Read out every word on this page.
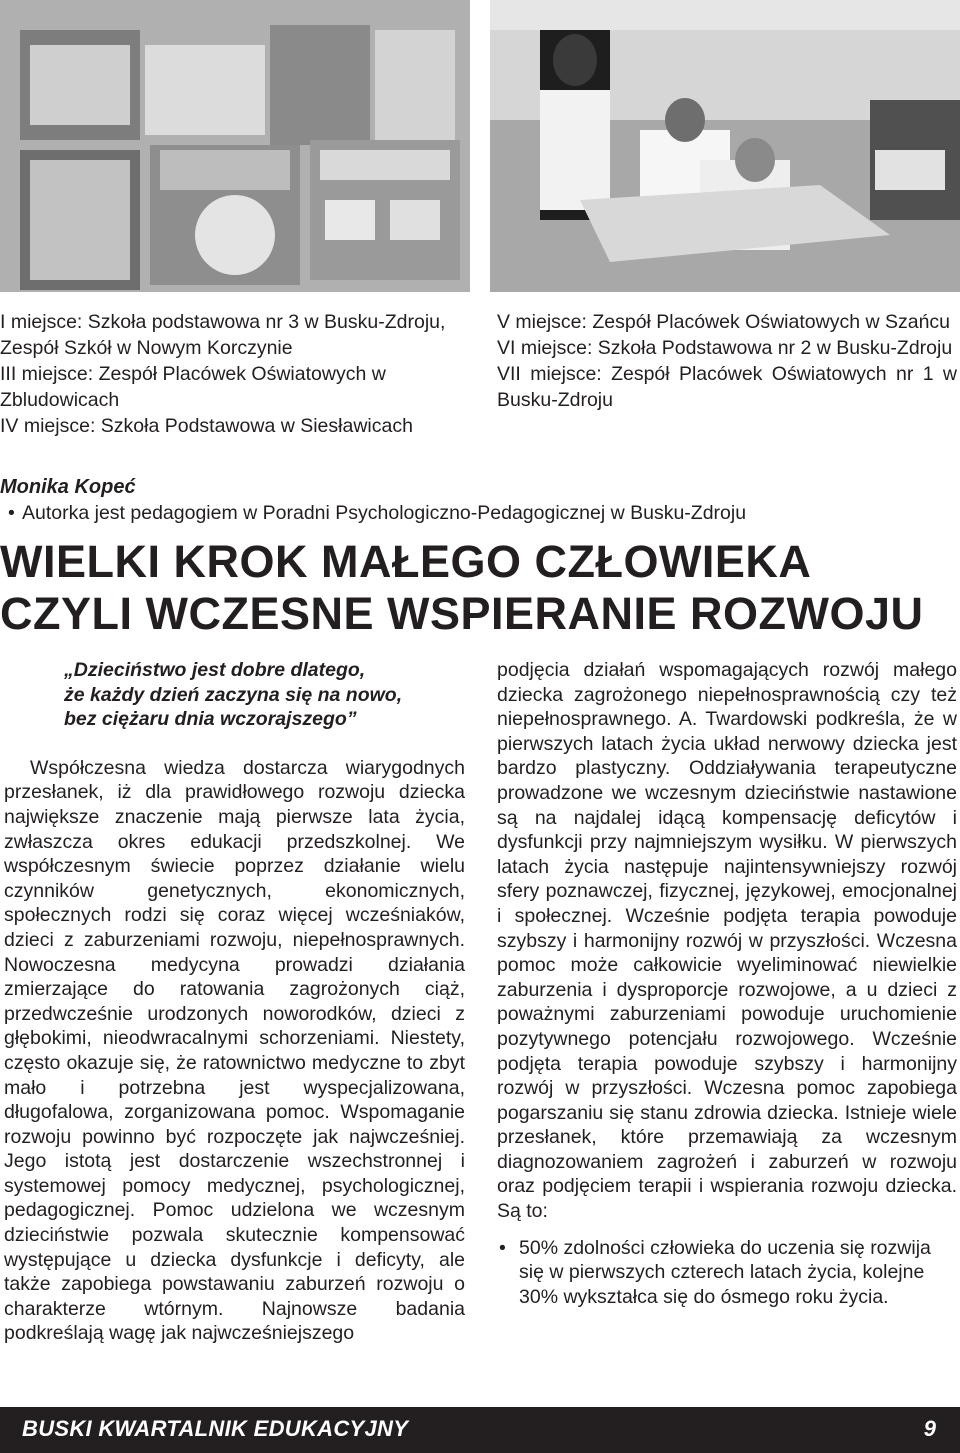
I miejsce: Szkoła podstawowa nr 3 w Busku-Zdroju, Zespół Szkół w Nowym Korczynie

III miejsce: Zespół Placówek Oświatowych w Zbludowicach

IV miejsce: Szkoła Podstawowa w Siesławicach

V miejsce: Zespół Placówek Oświatowych w Szańcu

VI miejsce: Szkoła Podstawowa nr 2 w Busku-Zdroju

VII miejsce: Zespół Placówek Oświatowych nr 1 w Busku-Zdroju

Monika Kopeć
• Autorka jest pedagogiem w Poradni Psychologiczno-Pedagogicznej w Busku-Zdroju
WIELKI KROK MAŁEGO CZŁOWIEKA
CZYLI WCZESNE WSPIERANIE ROZWOJU
„Dzieciństwo jest dobre dlatego,
że każdy dzień zaczyna się na nowo,
bez ciężaru dnia wczorajszego”

Współczesna wiedza dostarcza wiarygodnych przesłanek, iż dla prawidłowego rozwoju dziecka największe znaczenie mają pierwsze lata życia, zwłaszcza okres edukacji przedszkolnej. We współczesnym świecie poprzez działanie wielu czynników genetycznych, ekonomicznych, społecznych rodzi się coraz więcej wcześniaków, dzieci z zaburzeniami rozwoju, niepełnosprawnych. Nowoczesna medycyna prowadzi działania zmierzające do ratowania zagrożonych ciąż, przedwcześnie urodzonych noworodków, dzieci z głębokimi, nieodwracalnymi schorzeniami. Niestety, często okazuje się, że ratownictwo medyczne to zbyt mało i potrzebna jest wyspecjalizowana, długofalowa, zorganizowana pomoc. Wspomaganie rozwoju powinno być rozpoczęte jak najwcześniej. Jego istotą jest dostarczenie wszechstronnej i systemowej pomocy medycznej, psychologicznej, pedagogicznej. Pomoc udzielona we wczesnym dzieciństwie pozwala skutecznie kompensować występujące u dziecka dysfunkcje i deficyty, ale także zapobiega powstawaniu zaburzeń rozwoju o charakterze wtórnym. Najnowsze badania podkreślają wagę jak najwcześniejszego

podjęcia działań wspomagających rozwój małego dziecka zagrożonego niepełnosprawnością czy też niepełnosprawnego. A. Twardowski podkreśla, że w pierwszych latach życia układ nerwowy dziecka jest bardzo plastyczny. Oddziaływania terapeutyczne prowadzone we wczesnym dzieciństwie nastawione są na najdalej idącą kompensację deficytów i dysfunkcji przy najmniejszym wysiłku. W pierwszych latach życia następuje najintensywniejszy rozwój sfery poznawczej, fizycznej, językowej, emocjonalnej i społecznej. Wcześnie podjęta terapia powoduje szybszy i harmonijny rozwój w przyszłości. Wczesna pomoc może całkowicie wyeliminować niewielkie zaburzenia i dysproporcje rozwojowe, a u dzieci z poważnymi zaburzeniami powoduje uruchomienie pozytywnego potencjału rozwojowego. Wcześnie podjęta terapia powoduje szybszy i harmonijny rozwój w przyszłości. Wczesna pomoc zapobiega pogarszaniu się stanu zdrowia dziecka. Istnieje wiele przesłanek, które przemawiają za wczesnym diagnozowaniem zagrożeń i zaburzeń w rozwoju oraz podjęciem terapii i wspierania rozwoju dziecka. Są to:

• 50% zdolności człowieka do uczenia się rozwija się w pierwszych czterech latach życia, kolejne 30% wykształca się do ósmego roku życia.
BUSKI KWARTALNIK EDUKACYJNY	9
